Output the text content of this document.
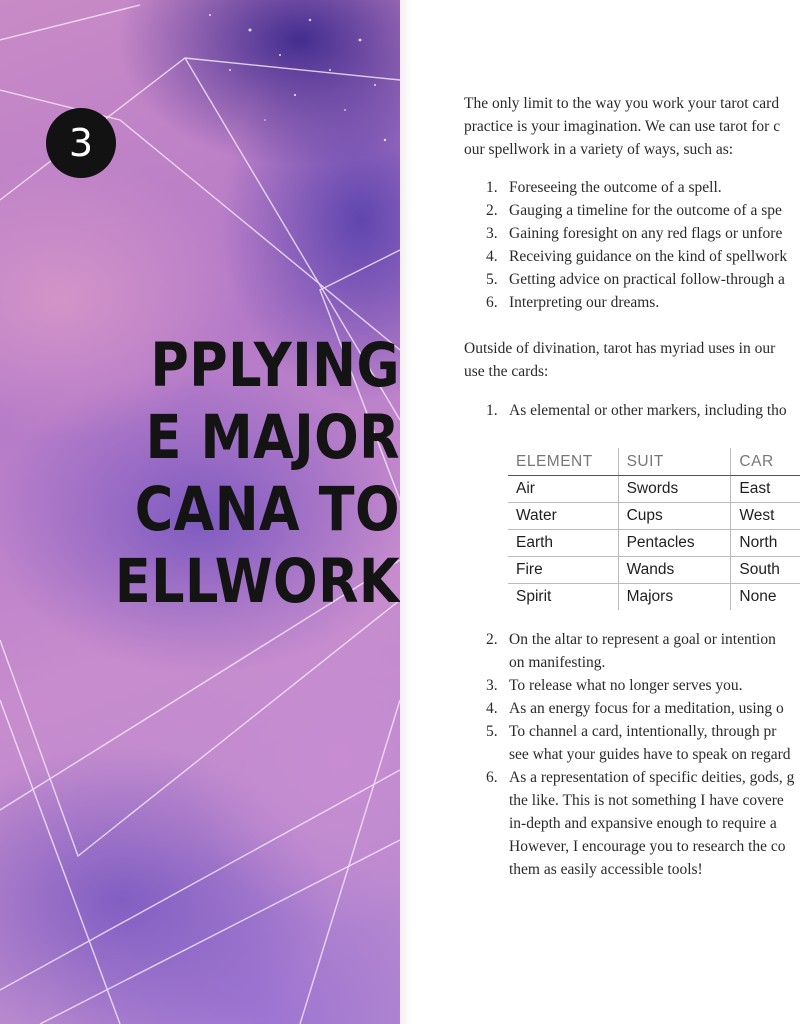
3
PPLYING
E MAJOR
CANA TO
ELLWORK
The only limit to the way you work your tarot card
practice is your imagination. We can use tarot for c
our spellwork in a variety of ways, such as:
1. Foreseeing the outcome of a spell.
2. Gauging a timeline for the outcome of a spe
3. Gaining foresight on any red flags or unfore
4. Receiving guidance on the kind of spellwork
5. Getting advice on practical follow-through a
6. Interpreting our dreams.
Outside of divination, tarot has myriad uses in our
use the cards:
1. As elemental or other markers, including tho
ELEMENT	SUIT	CAR
Air	Swords	East
Water	Cups	West
Earth	Pentacles	North
Fire	Wands	South
Spirit	Majors	None
2. On the altar to represent a goal or intention
on manifesting.
3. To release what no longer serves you.
4. As an energy focus for a meditation, using o
5. To channel a card, intentionally, through pr
see what your guides have to speak on regard
6. As a representation of specific deities, gods, g
the like. This is not something I have covere
in-depth and expansive enough to require a
However, I encourage you to research the co
them as easily accessible tools!
